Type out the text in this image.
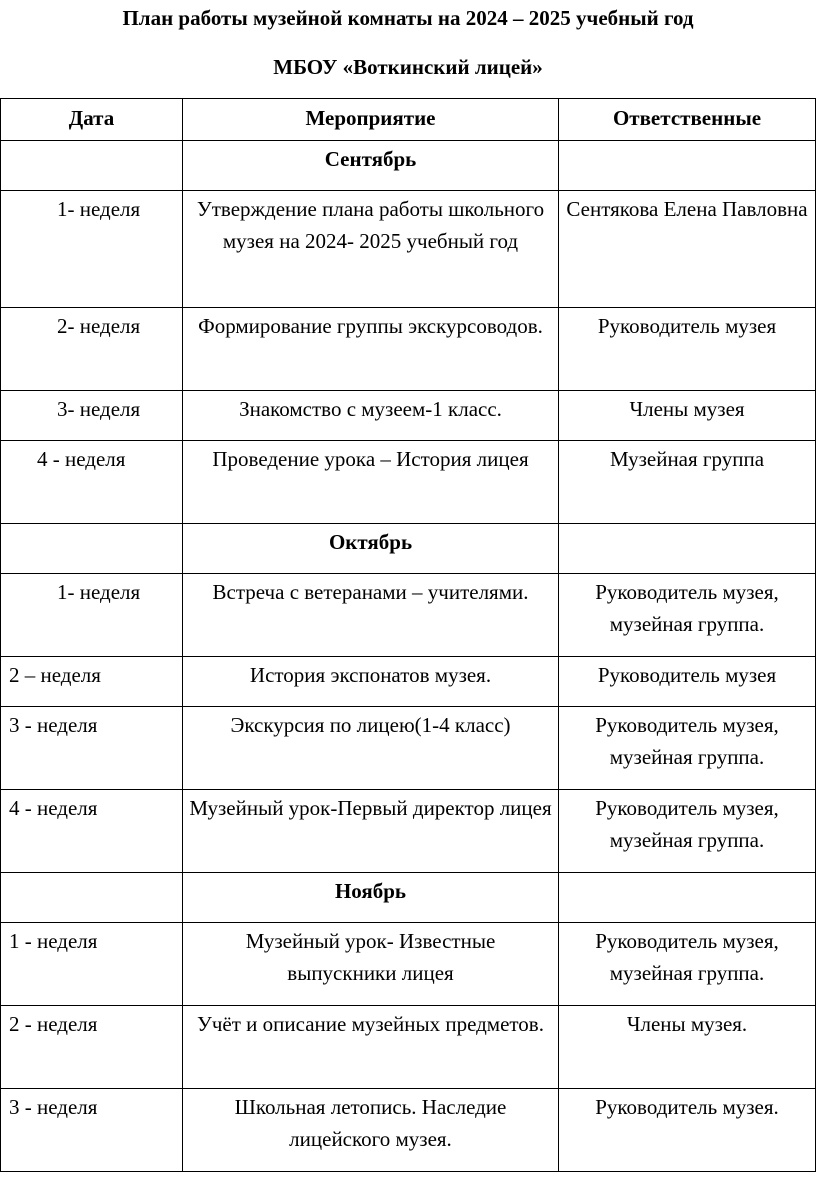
План работы музейной комнаты на 2024 – 2025 учебный год
МБОУ «Воткинский лицей»
Дата	Мероприятие	Ответственные
	Сентябрь	
1- неделя	Утверждение плана работы школьного музея на 2024- 2025 учебный год	Сентякова Елена Павловна
2- неделя	Формирование группы экскурсоводов.	Руководитель музея
3- неделя	Знакомство с музеем-1 класс.	Члены музея
4 - неделя	Проведение урока – История лицея	Музейная группа
	Октябрь	
1- неделя	Встреча с ветеранами – учителями.	Руководитель музея, музейная группа.
2 – неделя	История экспонатов музея.	Руководитель музея
3 - неделя	Экскурсия по лицею(1-4 класс)	Руководитель музея, музейная группа.
4 - неделя	Музейный урок-Первый директор лицея	Руководитель музея, музейная группа.
	Ноябрь	
1 - неделя	Музейный урок- Известные выпускники лицея	Руководитель музея, музейная группа.
2 - неделя	Учёт и описание музейных предметов.	Члены музея.
3 - неделя	Школьная летопись. Наследие лицейского музея.	Руководитель музея.
